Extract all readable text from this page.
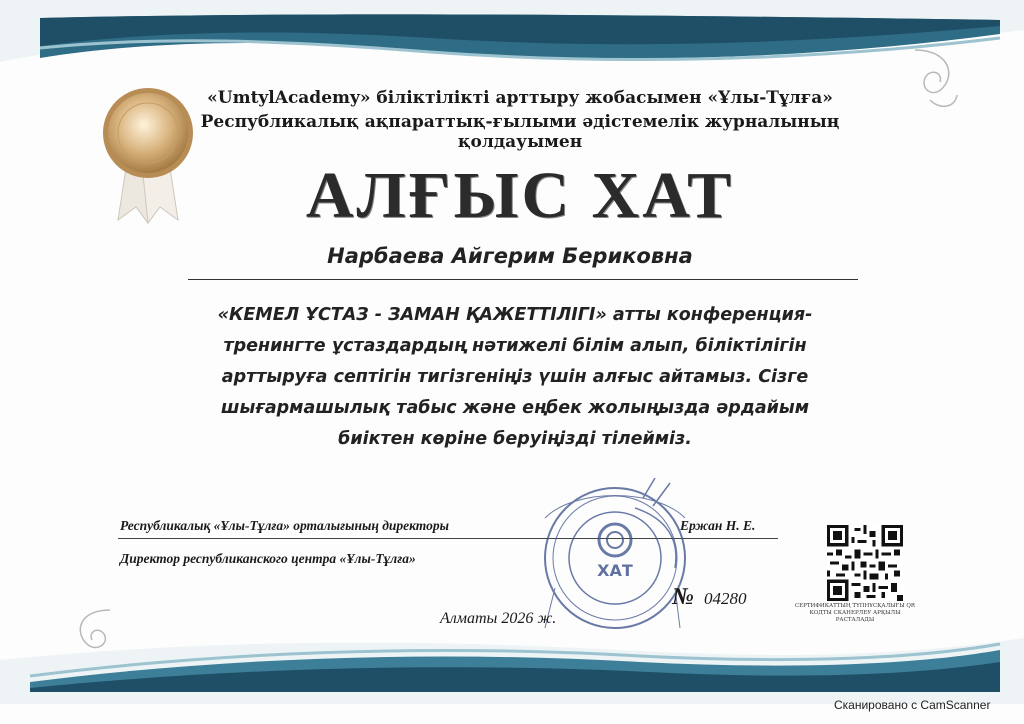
«UmtylAcademy» біліктілікті арттыру жобасымен «Ұлы-Тұлға»
Республикалық ақпараттық-ғылыми әдістемелік журналының қолдауымен
АЛҒЫС ХАТ
Нарбаева Айгерим Бериковна
«КЕМЕЛ ҰСТАЗ - ЗАМАН ҚАЖЕТТІЛІГІ» атты конференция-
тренингте ұстаздардың нәтижелі білім алып, біліктілігін
арттыруға септігін тигізгеніңіз үшін алғыс айтамыз. Сізге
шығармашылық табыс және еңбек жолыңызда әрдайым
биіктен көріне беруіңізді тілейміз.
Республикалық «Ұлы-Тұлға» орталығының директоры
Директор республиканского центра «Ұлы-Тұлға»
Ержан Н. Е.
ХАТ
№ 04280
Алматы 2026 ж.
СЕРТИФИКАТТЫҢ ТҮПНҰСҚАЛЫҒЫ QR КОДТЫ СКАНЕРЛЕУ АРҚЫЛЫ РАСТАЛАДЫ
Сканировано с CamScanner
